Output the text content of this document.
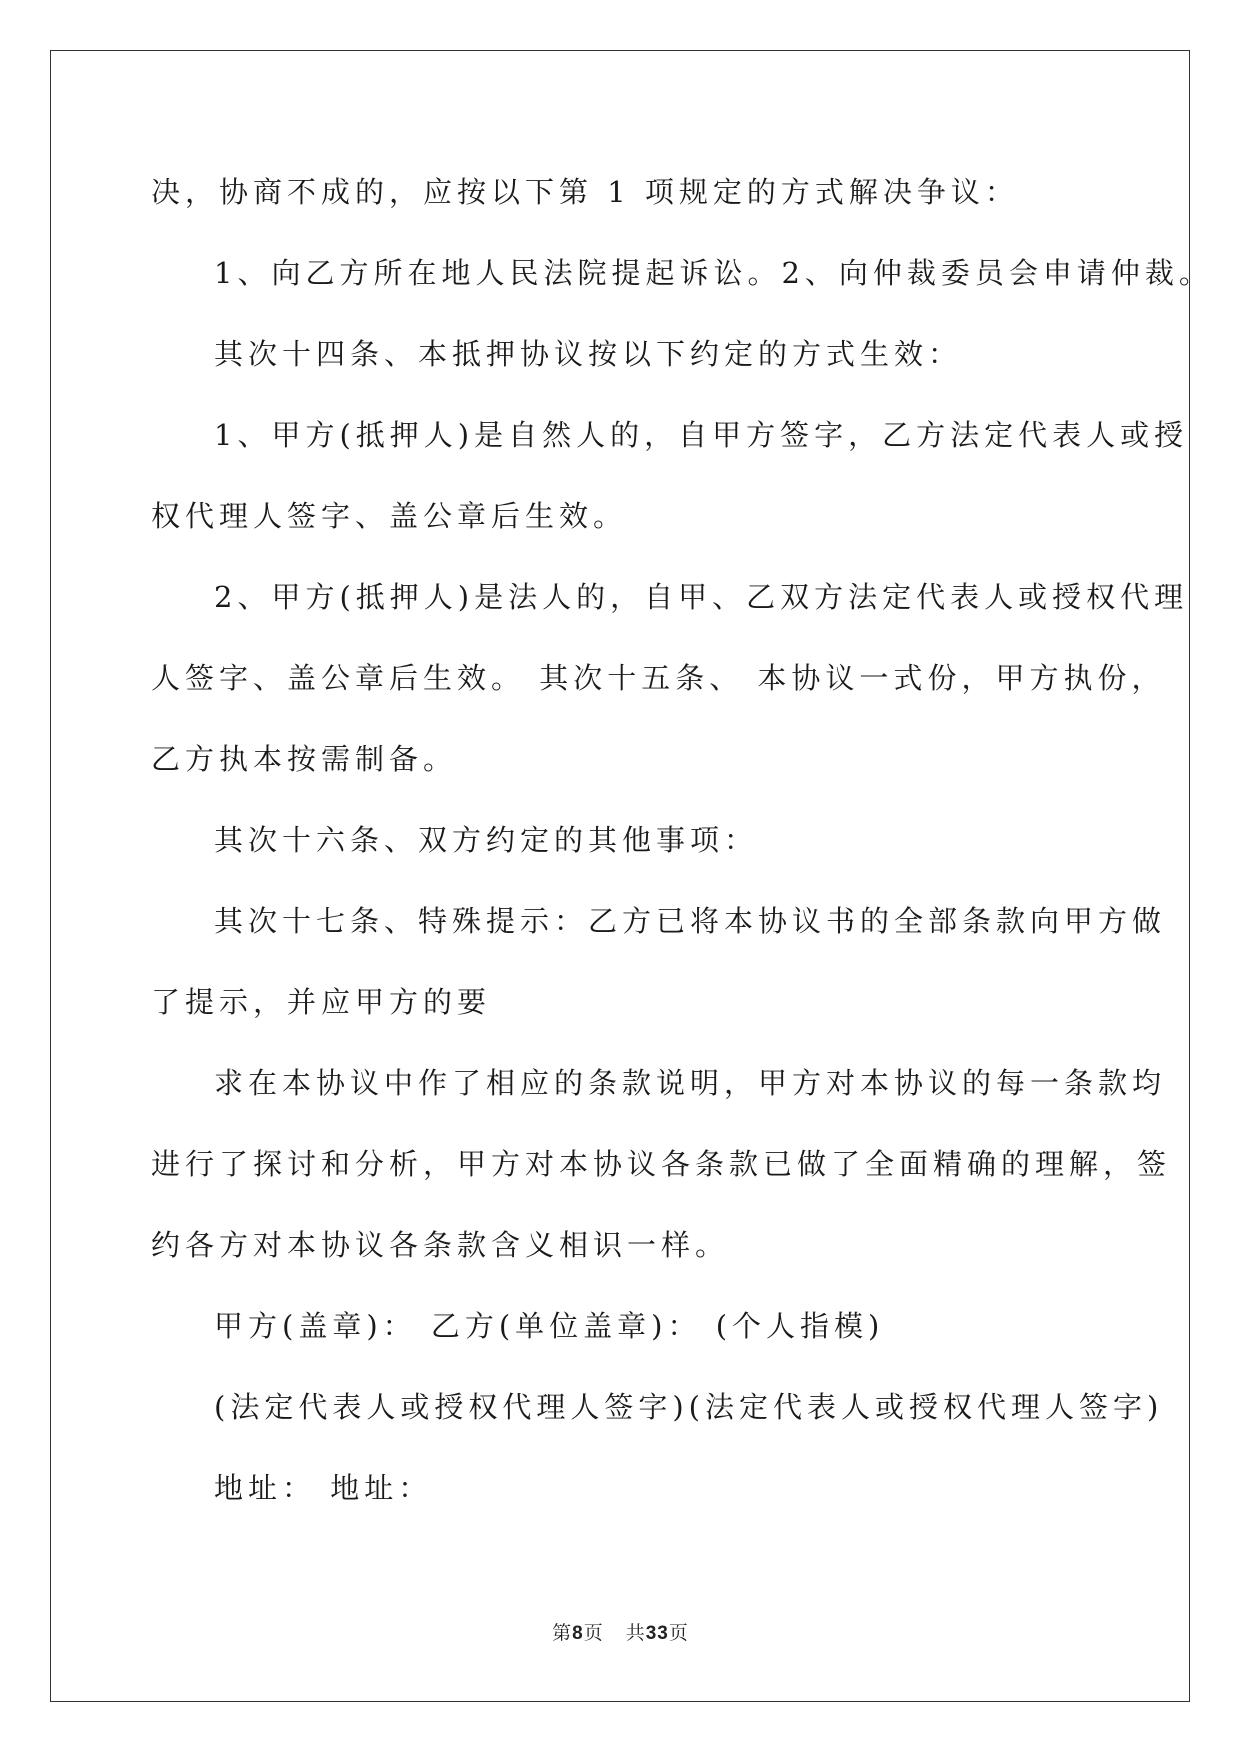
决，协商不成的，应按以下第 1 项规定的方式解决争议：
1、向乙方所在地人民法院提起诉讼。2、向仲裁委员会申请仲裁。
其次十四条、本抵押协议按以下约定的方式生效：
1、甲方(抵押人)是自然人的，自甲方签字，乙方法定代表人或授
权代理人签字、盖公章后生效。
2、甲方(抵押人)是法人的，自甲、乙双方法定代表人或授权代理
人签字、盖公章后生效。 其次十五条、 本协议一式份，甲方执份，
乙方执本按需制备。
其次十六条、双方约定的其他事项：
其次十七条、特殊提示：乙方已将本协议书的全部条款向甲方做
了提示，并应甲方的要
求在本协议中作了相应的条款说明，甲方对本协议的每一条款均
进行了探讨和分析，甲方对本协议各条款已做了全面精确的理解，签
约各方对本协议各条款含义相识一样。
甲方(盖章)： 乙方(单位盖章)： (个人指模)
(法定代表人或授权代理人签字)(法定代表人或授权代理人签字)
地址： 地址：
第8页 共33页
